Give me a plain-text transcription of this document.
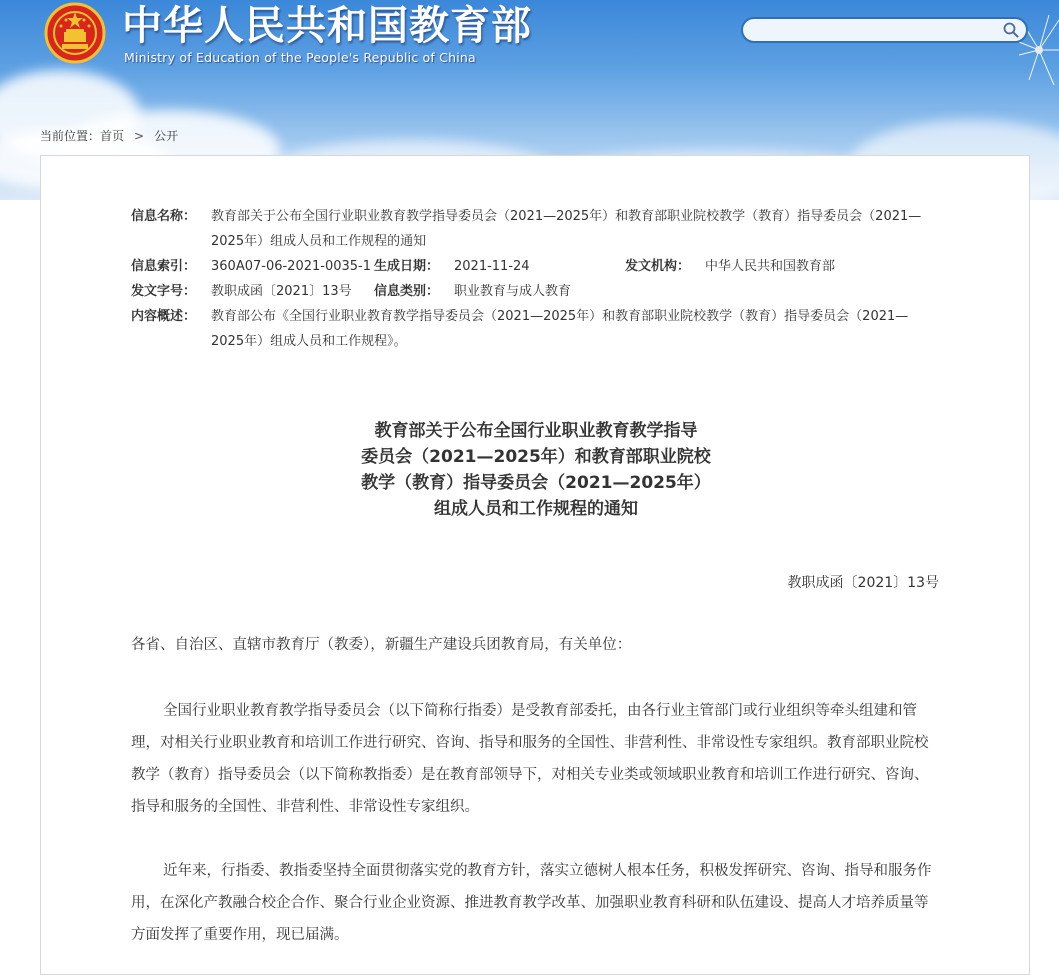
中华人民共和国教育部
Ministry of Education of the People's Republic of China
当前位置：首页 > 公开
信息名称： 教育部关于公布全国行业职业教育教学指导委员会（2021—2025年）和教育部职业院校教学（教育）指导委员会（2021—2025年）组成人员和工作规程的通知
信息索引： 360A07-06-2021-0035-1 生成日期： 2021-11-24	发文机构： 中华人民共和国教育部
发文字号： 教职成函〔2021〕13号 信息类别： 职业教育与成人教育
内容概述： 教育部公布《全国行业职业教育教学指导委员会（2021—2025年）和教育部职业院校教学（教育）指导委员会（2021—2025年）组成人员和工作规程》。
教育部关于公布全国行业职业教育教学指导
委员会（2021—2025年）和教育部职业院校
教学（教育）指导委员会（2021—2025年）
组成人员和工作规程的通知
教职成函〔2021〕13号
各省、自治区、直辖市教育厅（教委），新疆生产建设兵团教育局，有关单位：
全国行业职业教育教学指导委员会（以下简称行指委）是受教育部委托，由各行业主管部门或行业组织等牵头组建和管理，对相关行业职业教育和培训工作进行研究、咨询、指导和服务的全国性、非营利性、非常设性专家组织。教育部职业院校教学（教育）指导委员会（以下简称教指委）是在教育部领导下，对相关专业类或领域职业教育和培训工作进行研究、咨询、指导和服务的全国性、非营利性、非常设性专家组织。
近年来，行指委、教指委坚持全面贯彻落实党的教育方针，落实立德树人根本任务，积极发挥研究、咨询、指导和服务作用，在深化产教融合校企合作、聚合行业企业资源、推进教育教学改革、加强职业教育科研和队伍建设、提高人才培养质量等方面发挥了重要作用，现已届满。
